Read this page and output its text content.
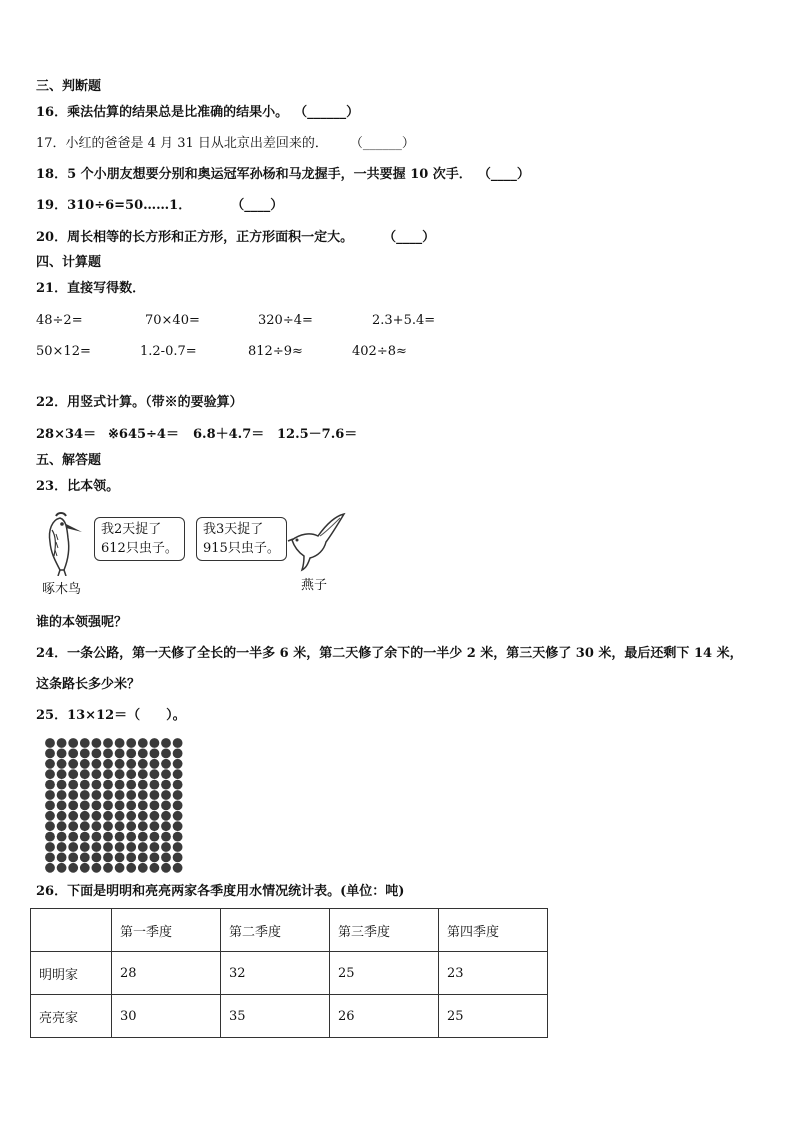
三、判断题
16．乘法估算的结果总是比准确的结果小。 （______）
17．小红的爸爸是 4 月 31 日从北京出差回来的． （______）
18．5 个小朋友想要分别和奥运冠军孙杨和马龙握手，一共要握 10 次手． （____）
19．310÷6=50……1．	（____）
20．周长相等的长方形和正方形，正方形面积一定大。 （____）
四、计算题
21．直接写得数．
48÷2=	70×40=	320÷4=	2.3+5.4=
50×12=	1.2-0.7=	812÷9≈	402÷8≈
22．用竖式计算。（带※的要验算）
28×34＝ ※645÷4＝ 6.8＋4.7＝ 12.5－7.6＝
五、解答题
23．比本领。
我2天捉了
612只虫子。
啄木鸟
我3天捉了
915只虫子。
燕子
谁的本领强呢？
24．一条公路，第一天修了全长的一半多 6 米，第二天修了余下的一半少 2 米，第三天修了 30 米，最后还剩下 14 米，
这条路长多少米？
25．13×12＝（　　）。
26．下面是明明和亮亮两家各季度用水情况统计表。(单位：吨)
	第一季度	第二季度	第三季度	第四季度
明明家	28	32	25	23
亮亮家	30	35	26	25
